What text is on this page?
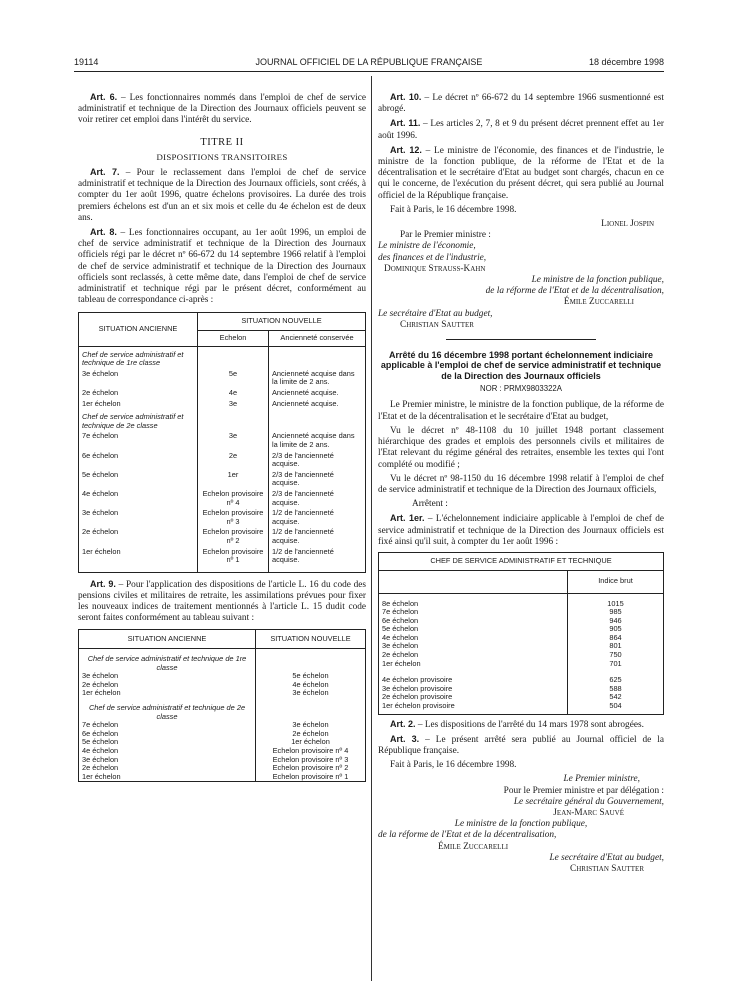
19114	JOURNAL OFFICIEL DE LA RÉPUBLIQUE FRANÇAISE	18 décembre 1998

Art. 6. – Les fonctionnaires nommés dans l'emploi de chef de service administratif et technique de la Direction des Journaux officiels peuvent se voir retirer cet emploi dans l'intérêt du service.

TITRE II
DISPOSITIONS TRANSITOIRES

Art. 7. – Pour le reclassement dans l'emploi de chef de service administratif et technique de la Direction des Journaux officiels, sont créés, à compter du 1er août 1996, quatre échelons provisoires. La durée des trois premiers échelons est d'un an et six mois et celle du 4e échelon est de deux ans.

Art. 8. – Les fonctionnaires occupant, au 1er août 1996, un emploi de chef de service administratif et technique de la Direction des Journaux officiels régi par le décret nº 66-672 du 14 septembre 1966 relatif à l'emploi de chef de service administratif et technique de la Direction des Journaux officiels sont reclassés, à cette même date, dans l'emploi de chef de service administratif et technique régi par le présent décret, conformément au tableau de correspondance ci-après :

SITUATION ANCIENNE	SITUATION NOUVELLE	
	Echelon	Ancienneté conservée
Chef de service administratif et technique de 1re classe		
3e échelon	5e	Ancienneté acquise dans la limite de 2 ans.
2e échelon	4e	Ancienneté acquise.
1er échelon	3e	Ancienneté acquise.
Chef de service administratif et technique de 2e classe		
7e échelon	3e	Ancienneté acquise dans la limite de 2 ans.
6e échelon	2e	2/3 de l'ancienneté acquise.
5e échelon	1er	2/3 de l'ancienneté acquise.
4e échelon	Echelon provisoire nº 4	2/3 de l'ancienneté acquise.
3e échelon	Echelon provisoire nº 3	1/2 de l'ancienneté acquise.
2e échelon	Echelon provisoire nº 2	1/2 de l'ancienneté acquise.
1er échelon	Echelon provisoire nº 1	1/2 de l'ancienneté acquise.

Art. 9. – Pour l'application des dispositions de l'article L. 16 du code des pensions civiles et militaires de retraite, les assimilations prévues pour fixer les nouveaux indices de traitement mentionnés à l'article L. 15 dudit code seront faites conformément au tableau suivant :

SITUATION ANCIENNE	SITUATION NOUVELLE
Chef de service administratif et technique de 1re classe	
3e échelon	5e échelon
2e échelon	4e échelon
1er échelon	3e échelon
Chef de service administratif et technique de 2e classe	
7e échelon	3e échelon
6e échelon	2e échelon
5e échelon	1er échelon
4e échelon	Echelon provisoire nº 4
3e échelon	Echelon provisoire nº 3
2e échelon	Echelon provisoire nº 2
1er échelon	Echelon provisoire nº 1

Art. 10. – Le décret nº 66-672 du 14 septembre 1966 susmentionné est abrogé.

Art. 11. – Les articles 2, 7, 8 et 9 du présent décret prennent effet au 1er août 1996.

Art. 12. – Le ministre de l'économie, des finances et de l'industrie, le ministre de la fonction publique, de la réforme de l'Etat et de la décentralisation et le secrétaire d'Etat au budget sont chargés, chacun en ce qui le concerne, de l'exécution du présent décret, qui sera publié au Journal officiel de la République française.

Fait à Paris, le 16 décembre 1998.

Lionel Jospin
Par le Premier ministre :
Le ministre de l'économie,
des finances et de l'industrie,
Dominique Strauss-Kahn
Le ministre de la fonction publique,
de la réforme de l'Etat et de la décentralisation,
Émile Zuccarelli
Le secrétaire d'Etat au budget,
Christian Sautter
Arrêté du 16 décembre 1998 portant échelonnement indiciaire applicable à l'emploi de chef de service administratif et technique de la Direction des Journaux officiels
NOR : PRMX9803322A

Le Premier ministre, le ministre de la fonction publique, de la réforme de l'Etat et de la décentralisation et le secrétaire d'Etat au budget,

Vu le décret nº 48-1108 du 10 juillet 1948 portant classement hiérarchique des grades et emplois des personnels civils et militaires de l'Etat relevant du régime général des retraites, ensemble les textes qui l'ont complété ou modifié ;

Vu le décret nº 98-1150 du 16 décembre 1998 relatif à l'emploi de chef de service administratif et technique de la Direction des Journaux officiels,

Arrêtent :

Art. 1er. – L'échelonnement indiciaire applicable à l'emploi de chef de service administratif et technique de la Direction des Journaux officiels est fixé ainsi qu'il suit, à compter du 1er août 1996 :

CHEF DE SERVICE ADMINISTRATIF ET TECHNIQUE	
	Indice brut

8e échelon	1015
7e échelon	985
6e échelon	946
5e échelon	905
4e échelon	864
3e échelon	801
2e échelon	750
1er échelon	701

4e échelon provisoire	625
3e échelon provisoire	588
2e échelon provisoire	542
1er échelon provisoire	504

Art. 2. – Les dispositions de l'arrêté du 14 mars 1978 sont abrogées.

Art. 3. – Le présent arrêté sera publié au Journal officiel de la République française.

Fait à Paris, le 16 décembre 1998.

Le Premier ministre,
Pour le Premier ministre et par délégation :
Le secrétaire général du Gouvernement,
Jean-Marc Sauvé
Le ministre de la fonction publique,
de la réforme de l'Etat et de la décentralisation,
Émile Zuccarelli
Le secrétaire d'Etat au budget,
Christian Sautter
